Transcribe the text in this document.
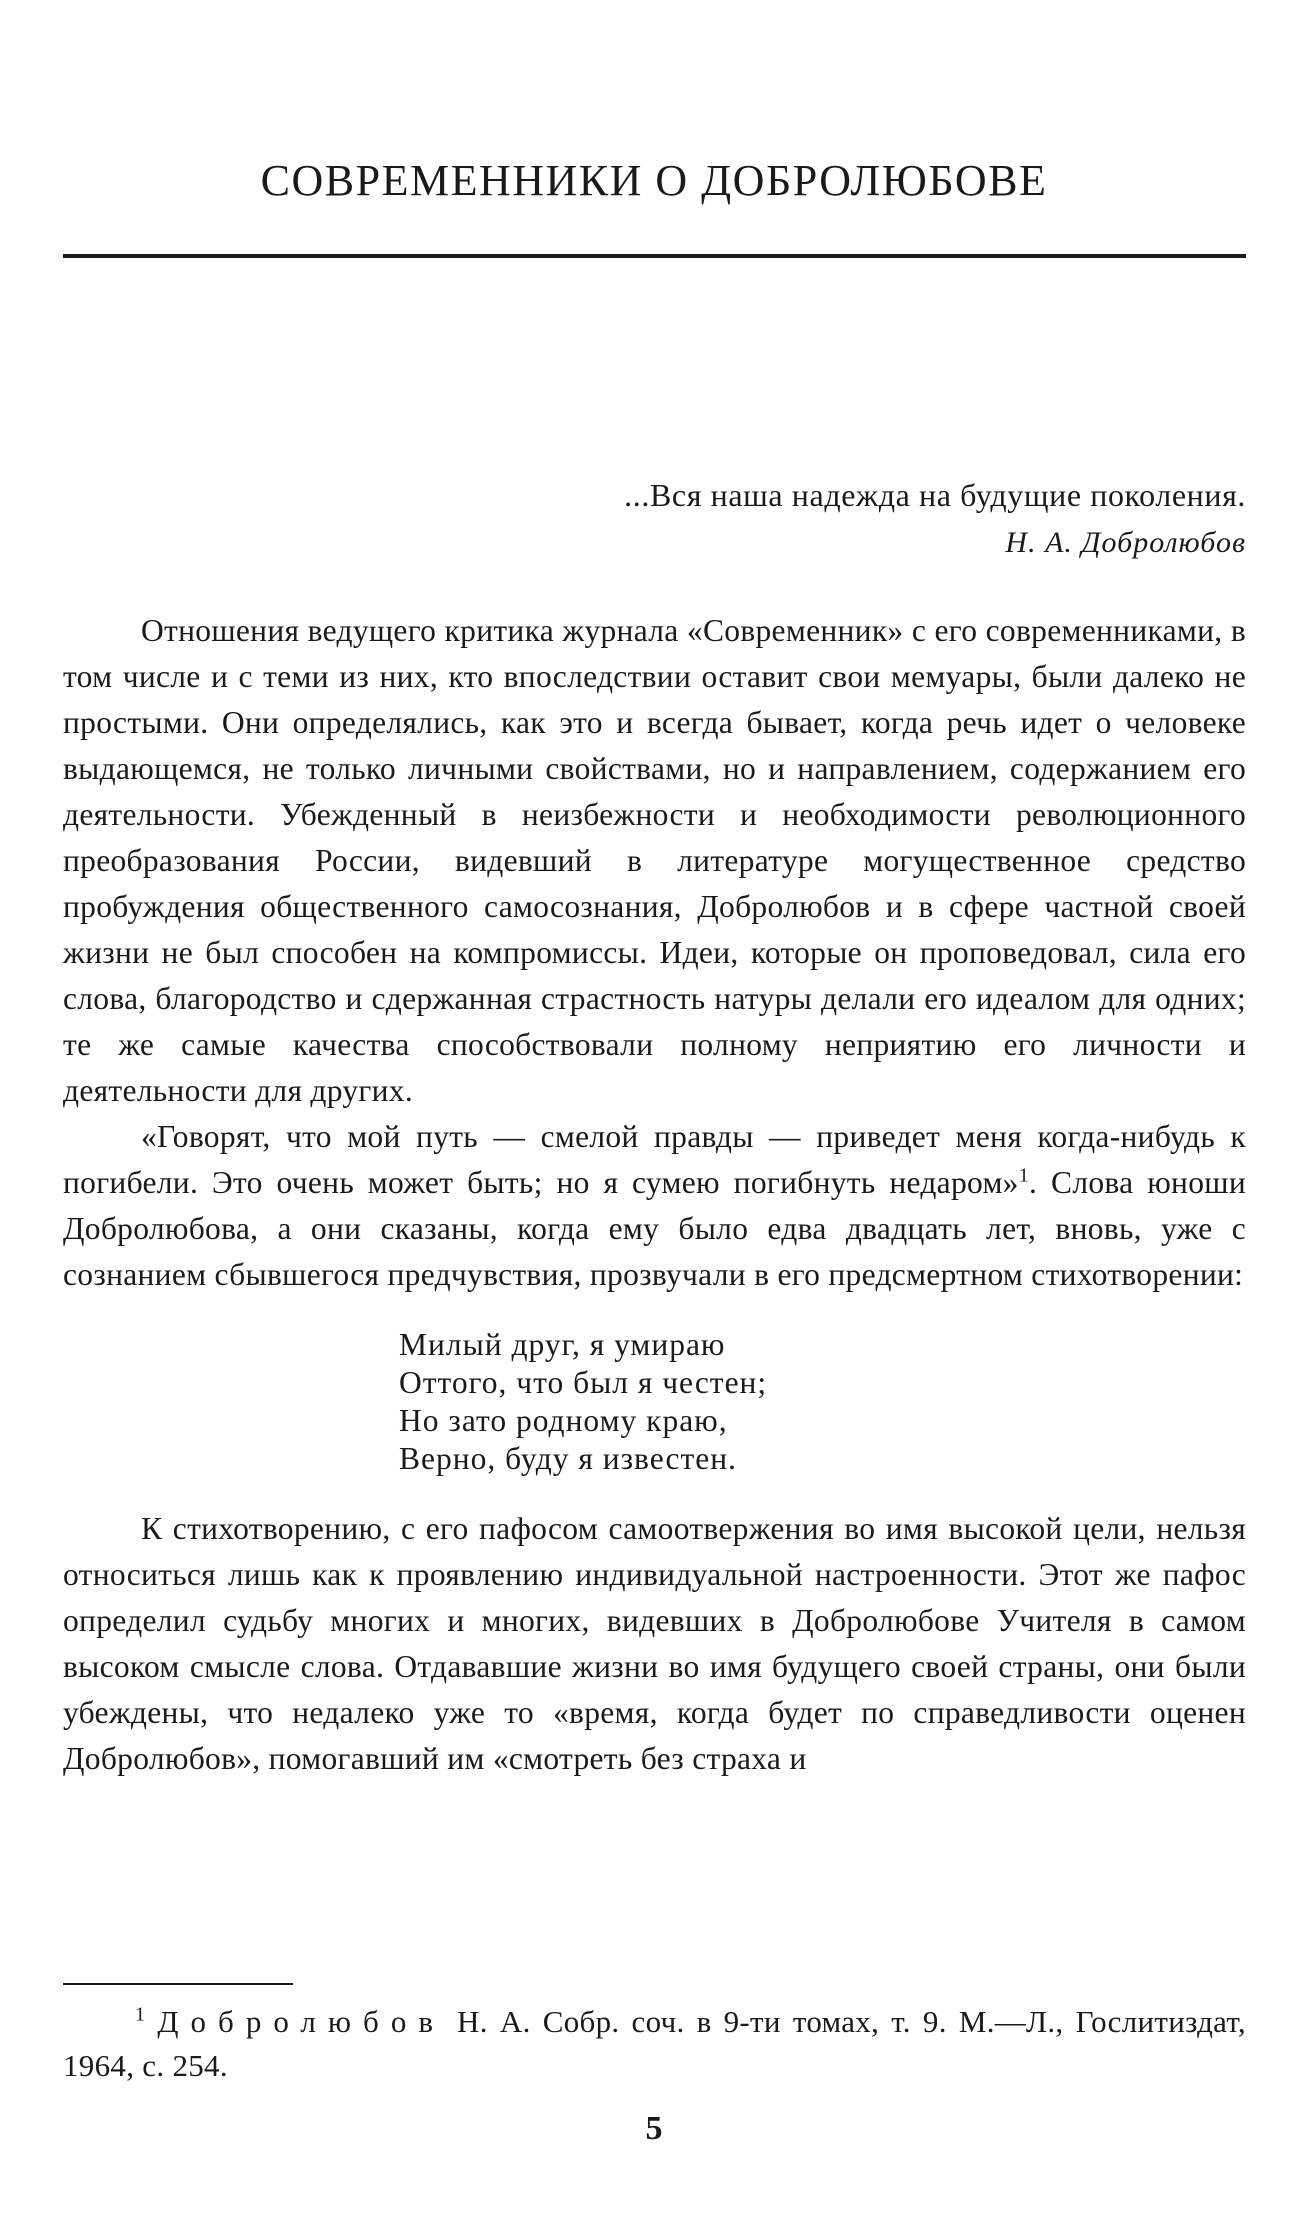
СОВРЕМЕННИКИ О ДОБРОЛЮБОВЕ
...Вся наша надежда на будущие поколения.
Н. А. Добролюбов

Отношения ведущего критика журнала «Современник» с его современниками, в том числе и с теми из них, кто впоследствии оставит свои мемуары, были далеко не простыми. Они определялись, как это и всегда бывает, когда речь идет о человеке выдающемся, не только личными свойствами, но и направлением, содержанием его деятельности. Убежденный в неизбежности и необходимости революционного преобразования России, видевший в литературе могущественное средство пробуждения общественного самосознания, Добролюбов и в сфере частной своей жизни не был способен на компромиссы. Идеи, которые он проповедовал, сила его слова, благородство и сдержанная страстность натуры делали его идеалом для одних; те же самые качества способствовали полному неприятию его личности и деятельности для других.

«Говорят, что мой путь — смелой правды — приведет меня когда-нибудь к погибели. Это очень может быть; но я сумею погибнуть недаром»$^1$. Слова юноши Добролюбова, а они сказаны, когда ему было едва двадцать лет, вновь, уже с сознанием сбывшегося предчувствия, прозвучали в его предсмертном стихотворении:

Милый друг, я умираю
Оттого, что был я честен;
Но зато родному краю,
Верно, буду я известен.

К стихотворению, с его пафосом самоотвержения во имя высокой цели, нельзя относиться лишь как к проявлению индивидуальной настроенности. Этот же пафос определил судьбу многих и многих, видевших в Добролюбове Учителя в самом высоком смысле слова. Отдававшие жизни во имя будущего своей страны, они были убеждены, что недалеко уже то «время, когда будет по справедливости оценен Добролюбов», помогавший им «смотреть без страха и

$^1$ Добролюбов Н. А. Собр. соч. в 9-ти томах, т. 9. М.—Л., Гослитиздат, 1964, с. 254.
5
